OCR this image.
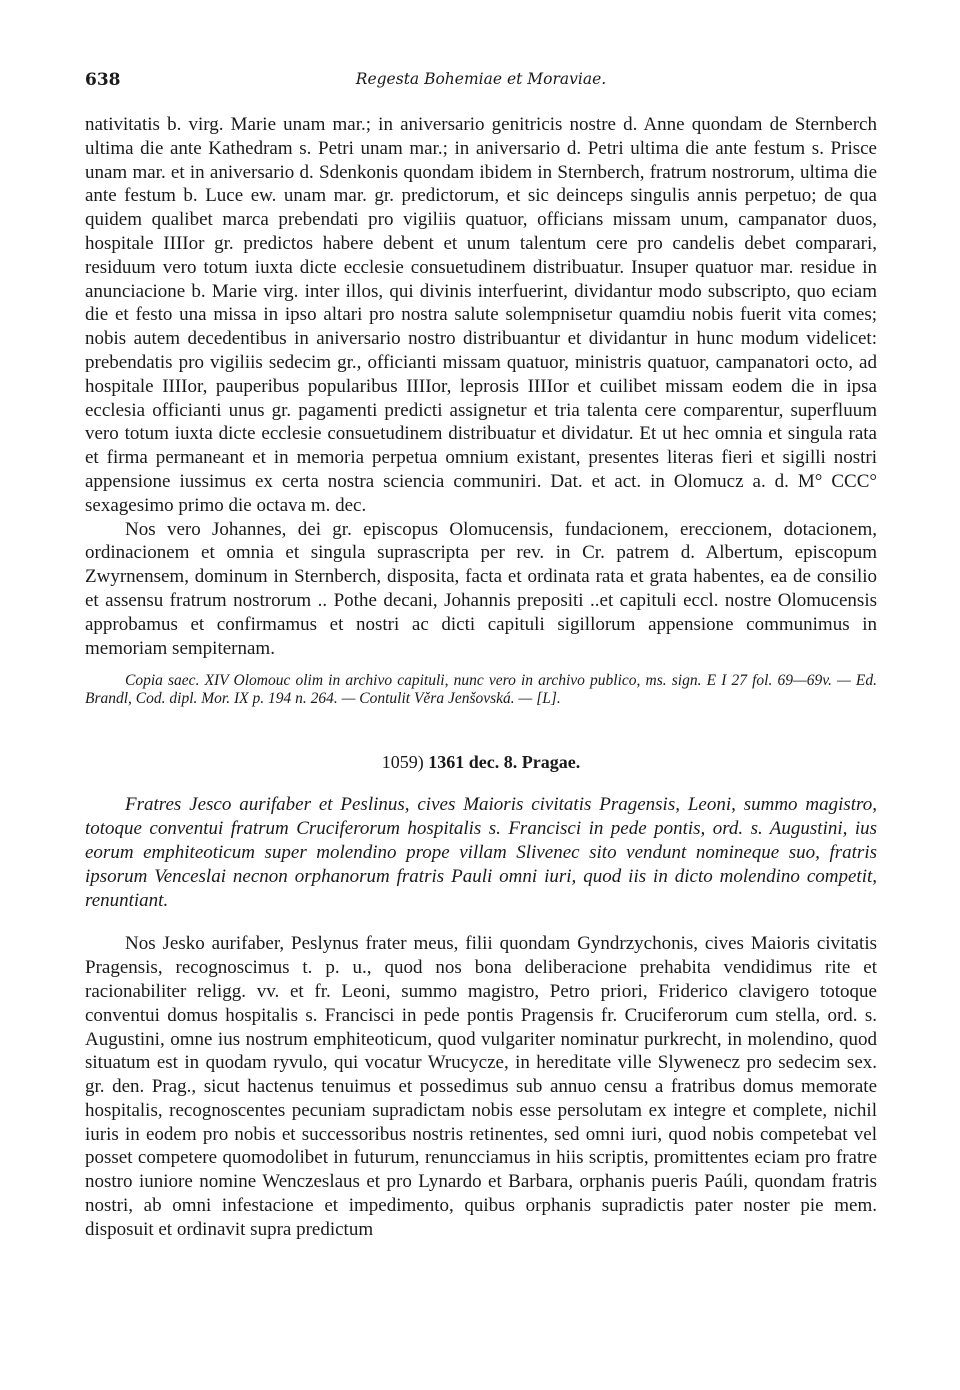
638	Regesta Bohemiae et Moraviae.

nativitatis b. virg. Marie unam mar.; in aniversario genitricis nostre d. Anne quondam de Sternberch ultima die ante Kathedram s. Petri unam mar.; in aniversario d. Petri ultima die ante festum s. Prisce unam mar. et in aniversario d. Sdenkonis quondam ibidem in Sternberch, fratrum nostrorum, ultima die ante festum b. Luce ew. unam mar. gr. predictorum, et sic deinceps singulis annis perpetuo; de qua quidem qualibet marca prebendati pro vigiliis quatuor, officians missam unum, campanator duos, hospitale IIIIor gr. predictos habere debent et unum talentum cere pro candelis debet comparari, residuum vero totum iuxta dicte ecclesie consuetudinem distribuatur. Insuper quatuor mar. residue in anunciacione b. Marie virg. inter illos, qui divinis interfuerint, dividantur modo subscripto, quo eciam die et festo una missa in ipso altari pro nostra salute solempnisetur quamdiu nobis fuerit vita comes; nobis autem decedentibus in aniversario nostro distribuantur et dividantur in hunc modum videlicet: prebendatis pro vigiliis sedecim gr., officianti missam quatuor, ministris quatuor, campanatori octo, ad hospitale IIIIor, pauperibus popularibus IIIIor, leprosis IIIIor et cuilibet missam eodem die in ipsa ecclesia officianti unus gr. pagamenti predicti assignetur et tria talenta cere comparentur, superfluum vero totum iuxta dicte ecclesie consuetudinem distribuatur et dividatur. Et ut hec omnia et singula rata et firma permaneant et in memoria perpetua omnium existant, presentes literas fieri et sigilli nostri appensione iussimus ex certa nostra sciencia communiri. Dat. et act. in Olomucz a. d. M° CCC° sexagesimo primo die octava m. dec.

Nos vero Johannes, dei gr. episcopus Olomucensis, fundacionem, ereccionem, dotacionem, ordinacionem et omnia et singula suprascripta per rev. in Cr. patrem d. Albertum, episcopum Zwyrnensem, dominum in Sternberch, disposita, facta et ordinata rata et grata habentes, ea de consilio et assensu fratrum nostrorum .. Pothe decani, Johannis prepositi ..et capituli eccl. nostre Olomucensis approbamus et confirmamus et nostri ac dicti capituli sigillorum appensione communimus in memoriam sempiternam.

Copia saec. XIV Olomouc olim in archivo capituli, nunc vero in archivo publico, ms. sign. E I 27 fol. 69—69v. — Ed. Brandl, Cod. dipl. Mor. IX p. 194 n. 264. — Contulit Věra Jenšovská. — [L].

1059) 1361 dec. 8. Pragae.

Fratres Jesco aurifaber et Peslinus, cives Maioris civitatis Pragensis, Leoni, summo magistro, totoque conventui fratrum Cruciferorum hospitalis s. Francisci in pede pontis, ord. s. Augustini, ius eorum emphiteoticum super molendino prope villam Slivenec sito vendunt nomineque suo, fratris ipsorum Venceslai necnon orphanorum fratris Pauli omni iuri, quod iis in dicto molendino competit, renuntiant.

Nos Jesko aurifaber, Peslynus frater meus, filii quondam Gyndrzychonis, cives Maioris civitatis Pragensis, recognoscimus t. p. u., quod nos bona deliberacione prehabita vendidimus rite et racionabiliter religg. vv. et fr. Leoni, summo magistro, Petro priori, Friderico clavigero totoque conventui domus hospitalis s. Francisci in pede pontis Pragensis fr. Cruciferorum cum stella, ord. s. Augustini, omne ius nostrum emphiteoticum, quod vulgariter nominatur purkrecht, in molendino, quod situatum est in quodam ryvulo, qui vocatur Wrucycze, in hereditate ville Slywenecz pro sedecim sex. gr. den. Prag., sicut hactenus tenuimus et possedimus sub annuo censu a fratribus domus memorate hospitalis, recognoscentes pecuniam supradictam nobis esse persolutam ex integre et complete, nichil iuris in eodem pro nobis et successoribus nostris retinentes, sed omni iuri, quod nobis competebat vel posset competere quomodolibet in futurum, renuncciamus in hiis scriptis, promittentes eciam pro fratre nostro iuniore nomine Wenczeslaus et pro Lynardo et Barbara, orphanis pueris Paúli, quondam fratris nostri, ab omni infestacione et impedimento, quibus orphanis supradictis pater noster pie mem. disposuit et ordinavit supra predictum
